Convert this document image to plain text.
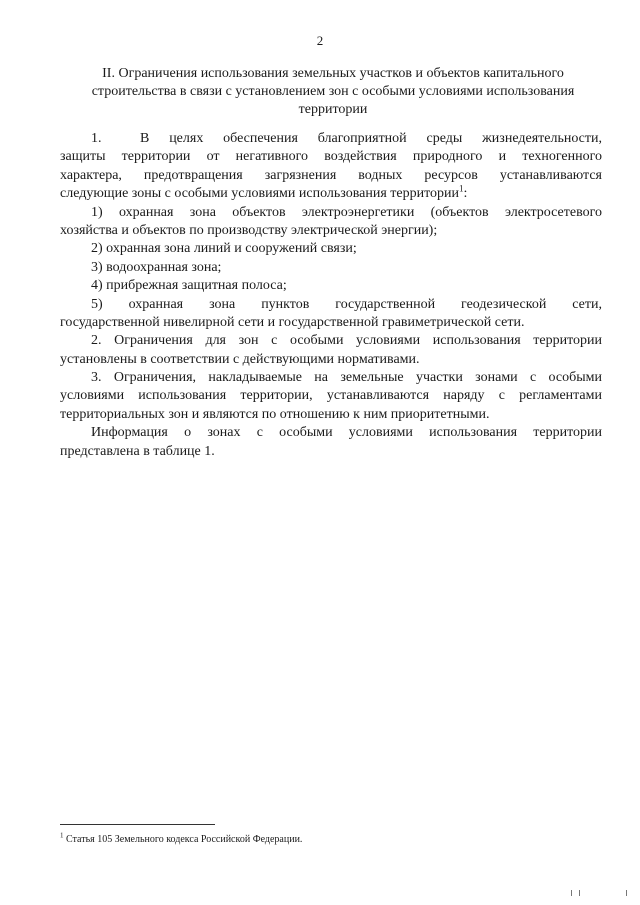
2
II. Ограничения использования земельных участков и объектов капитального
строительства в связи с установлением зон с особыми условиями использования
территории
1.	В целях обеспечения благоприятной среды жизнедеятельности,
защиты территории от негативного воздействия природного и техногенного
характера, предотвращения загрязнения водных ресурсов устанавливаются
следующие зоны с особыми условиями использования территории$^1$:
1) охранная зона объектов электроэнергетики (объектов электросетевого
хозяйства и объектов по производству электрической энергии);
2) охранная зона линий и сооружений связи;
3) водоохранная зона;
4) прибрежная защитная полоса;
5) охранная зона пунктов государственной геодезической сети,
государственной нивелирной сети и государственной гравиметрической сети.
2. Ограничения для зон с особыми условиями использования территории
установлены в соответствии с действующими нормативами.
3. Ограничения, накладываемые на земельные участки зонами с особыми
условиями использования территории, устанавливаются наряду с регламентами
территориальных зон и являются по отношению к ним приоритетными.
Информация о зонах с особыми условиями использования территории
представлена в таблице 1.
$^1$ Статья 105 Земельного кодекса Российской Федерации.
